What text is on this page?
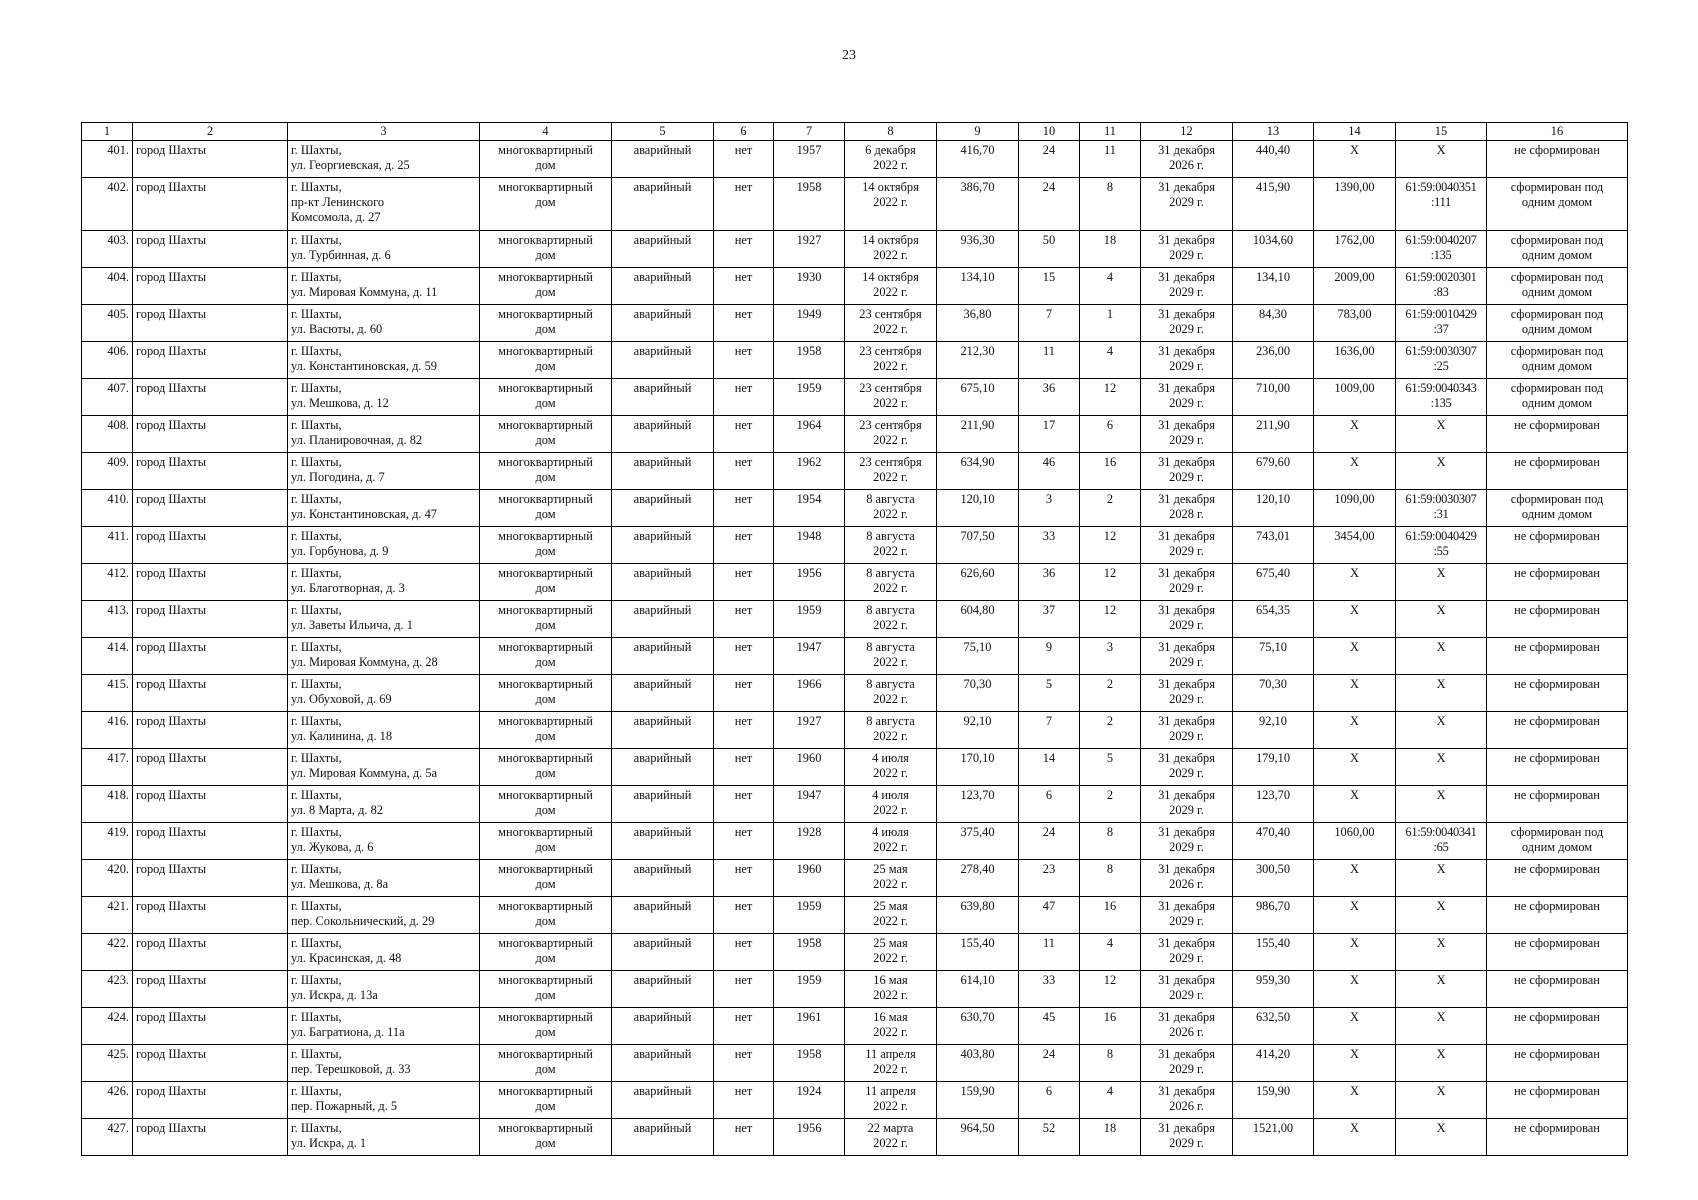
23
1	2	3	4	5	6	7	8	9	10	11	12	13	14	15	16
401.	город Шахты	г. Шахты,
ул. Георгиевская, д. 25	многоквартирный
дом	аварийный	нет	1957	6 декабря
2022 г.	416,70	24	11	31 декабря
2026 г.	440,40	X	X	не сформирован

402.	город Шахты	г. Шахты,
пр-кт Ленинского
Комсомола, д. 27	многоквартирный
дом	аварийный	нет	1958	14 октября
2022 г.	386,70	24	8	31 декабря
2029 г.	415,90	1390,00	61:59:0040351
:111	сформирован под
одним домом

403.	город Шахты	г. Шахты,
ул. Турбинная, д. 6	многоквартирный
дом	аварийный	нет	1927	14 октября
2022 г.	936,30	50	18	31 декабря
2029 г.	1034,60	1762,00	61:59:0040207
:135	сформирован под
одним домом

404.	город Шахты	г. Шахты,
ул. Мировая Коммуна, д. 11	многоквартирный
дом	аварийный	нет	1930	14 октября
2022 г.	134,10	15	4	31 декабря
2029 г.	134,10	2009,00	61:59:0020301
:83	сформирован под
одним домом

405.	город Шахты	г. Шахты,
ул. Васюты, д. 60	многоквартирный
дом	аварийный	нет	1949	23 сентября
2022 г.	36,80	7	1	31 декабря
2029 г.	84,30	783,00	61:59:0010429
:37	сформирован под
одним домом

406.	город Шахты	г. Шахты,
ул. Константиновская, д. 59	многоквартирный
дом	аварийный	нет	1958	23 сентября
2022 г.	212,30	11	4	31 декабря
2029 г.	236,00	1636,00	61:59:0030307
:25	сформирован под
одним домом

407.	город Шахты	г. Шахты,
ул. Мешкова, д. 12	многоквартирный
дом	аварийный	нет	1959	23 сентября
2022 г.	675,10	36	12	31 декабря
2029 г.	710,00	1009,00	61:59:0040343
:135	сформирован под
одним домом

408.	город Шахты	г. Шахты,
ул. Планировочная, д. 82	многоквартирный
дом	аварийный	нет	1964	23 сентября
2022 г.	211,90	17	6	31 декабря
2029 г.	211,90	X	X	не сформирован

409.	город Шахты	г. Шахты,
ул. Погодина, д. 7	многоквартирный
дом	аварийный	нет	1962	23 сентября
2022 г.	634,90	46	16	31 декабря
2029 г.	679,60	X	X	не сформирован

410.	город Шахты	г. Шахты,
ул. Константиновская, д. 47	многоквартирный
дом	аварийный	нет	1954	8 августа
2022 г.	120,10	3	2	31 декабря
2028 г.	120,10	1090,00	61:59:0030307
:31	сформирован под
одним домом

411.	город Шахты	г. Шахты,
ул. Горбунова, д. 9	многоквартирный
дом	аварийный	нет	1948	8 августа
2022 г.	707,50	33	12	31 декабря
2029 г.	743,01	3454,00	61:59:0040429
:55	не сформирован

412.	город Шахты	г. Шахты,
ул. Благотворная, д. 3	многоквартирный
дом	аварийный	нет	1956	8 августа
2022 г.	626,60	36	12	31 декабря
2029 г.	675,40	X	X	не сформирован

413.	город Шахты	г. Шахты,
ул. Заветы Ильича, д. 1	многоквартирный
дом	аварийный	нет	1959	8 августа
2022 г.	604,80	37	12	31 декабря
2029 г.	654,35	X	X	не сформирован

414.	город Шахты	г. Шахты,
ул. Мировая Коммуна, д. 28	многоквартирный
дом	аварийный	нет	1947	8 августа
2022 г.	75,10	9	3	31 декабря
2029 г.	75,10	X	X	не сформирован

415.	город Шахты	г. Шахты,
ул. Обуховой, д. 69	многоквартирный
дом	аварийный	нет	1966	8 августа
2022 г.	70,30	5	2	31 декабря
2029 г.	70,30	X	X	не сформирован

416.	город Шахты	г. Шахты,
ул. Калинина, д. 18	многоквартирный
дом	аварийный	нет	1927	8 августа
2022 г.	92,10	7	2	31 декабря
2029 г.	92,10	X	X	не сформирован

417.	город Шахты	г. Шахты,
ул. Мировая Коммуна, д. 5а	многоквартирный
дом	аварийный	нет	1960	4 июля
2022 г.	170,10	14	5	31 декабря
2029 г.	179,10	X	X	не сформирован

418.	город Шахты	г. Шахты,
ул. 8 Марта, д. 82	многоквартирный
дом	аварийный	нет	1947	4 июля
2022 г.	123,70	6	2	31 декабря
2029 г.	123,70	X	X	не сформирован

419.	город Шахты	г. Шахты,
ул. Жукова, д. 6	многоквартирный
дом	аварийный	нет	1928	4 июля
2022 г.	375,40	24	8	31 декабря
2029 г.	470,40	1060,00	61:59:0040341
:65	сформирован под
одним домом

420.	город Шахты	г. Шахты,
ул. Мешкова, д. 8а	многоквартирный
дом	аварийный	нет	1960	25 мая
2022 г.	278,40	23	8	31 декабря
2026 г.	300,50	X	X	не сформирован

421.	город Шахты	г. Шахты,
пер. Сокольнический, д. 29	многоквартирный
дом	аварийный	нет	1959	25 мая
2022 г.	639,80	47	16	31 декабря
2029 г.	986,70	X	X	не сформирован

422.	город Шахты	г. Шахты,
ул. Красинская, д. 48	многоквартирный
дом	аварийный	нет	1958	25 мая
2022 г.	155,40	11	4	31 декабря
2029 г.	155,40	X	X	не сформирован

423.	город Шахты	г. Шахты,
ул. Искра, д. 13а	многоквартирный
дом	аварийный	нет	1959	16 мая
2022 г.	614,10	33	12	31 декабря
2029 г.	959,30	X	X	не сформирован

424.	город Шахты	г. Шахты,
ул. Багратиона, д. 11а	многоквартирный
дом	аварийный	нет	1961	16 мая
2022 г.	630,70	45	16	31 декабря
2026 г.	632,50	X	X	не сформирован

425.	город Шахты	г. Шахты,
пер. Терешковой, д. 33	многоквартирный
дом	аварийный	нет	1958	11 апреля
2022 г.	403,80	24	8	31 декабря
2029 г.	414,20	X	X	не сформирован

426.	город Шахты	г. Шахты,
пер. Пожарный, д. 5	многоквартирный
дом	аварийный	нет	1924	11 апреля
2022 г.	159,90	6	4	31 декабря
2026 г.	159,90	X	X	не сформирован

427.	город Шахты	г. Шахты,
ул. Искра, д. 1	многоквартирный
дом	аварийный	нет	1956	22 марта
2022 г.	964,50	52	18	31 декабря
2029 г.	1521,00	X	X	не сформирован
